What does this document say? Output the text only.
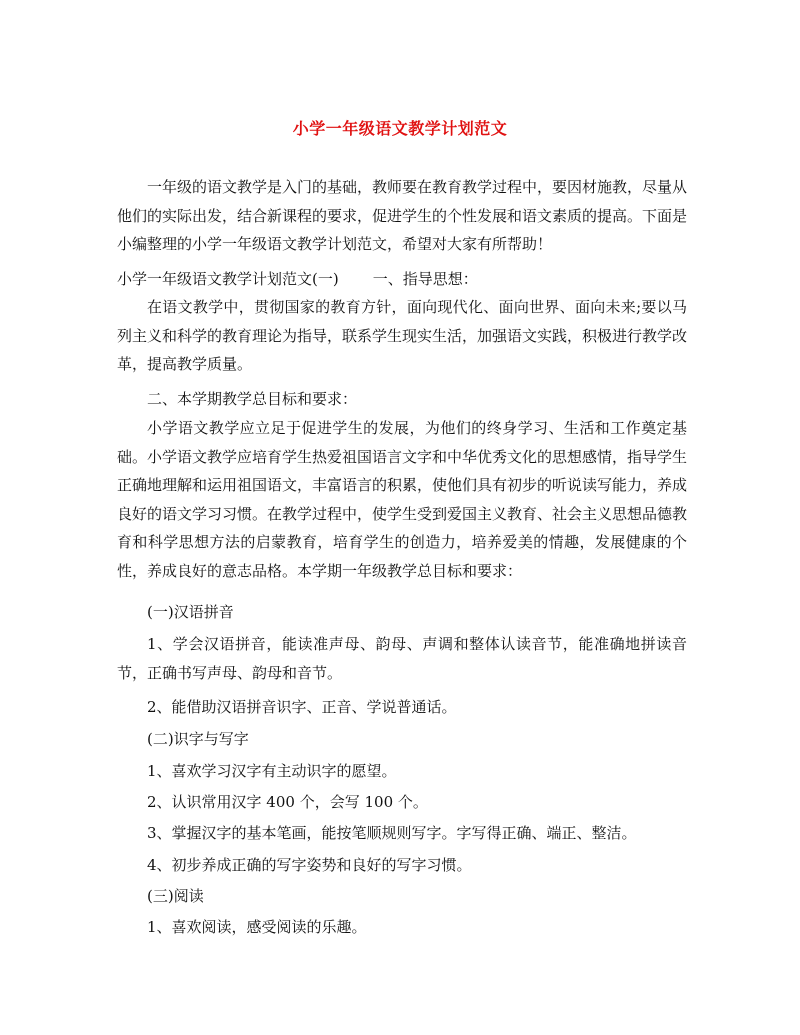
小学一年级语文教学计划范文
一年级的语文教学是入门的基础，教师要在教育教学过程中，要因材施教，尽量从他们的实际出发，结合新课程的要求，促进学生的个性发展和语文素质的提高。下面是小编整理的小学一年级语文教学计划范文，希望对大家有所帮助！
小学一年级语文教学计划范文(一) 一、指导思想：
在语文教学中，贯彻国家的教育方针，面向现代化、面向世界、面向未来;要以马列主义和科学的教育理论为指导，联系学生现实生活，加强语文实践，积极进行教学改革，提高教学质量。
二、本学期教学总目标和要求：
小学语文教学应立足于促进学生的发展，为他们的终身学习、生活和工作奠定基础。小学语文教学应培育学生热爱祖国语言文字和中华优秀文化的思想感情，指导学生正确地理解和运用祖国语文，丰富语言的积累，使他们具有初步的听说读写能力，养成良好的语文学习习惯。在教学过程中，使学生受到爱国主义教育、社会主义思想品德教育和科学思想方法的启蒙教育，培育学生的创造力，培养爱美的情趣，发展健康的个性，养成良好的意志品格。本学期一年级教学总目标和要求：
(一)汉语拼音
1、学会汉语拼音，能读准声母、韵母、声调和整体认读音节，能准确地拼读音节，正确书写声母、韵母和音节。
2、能借助汉语拼音识字、正音、学说普通话。
(二)识字与写字
1、喜欢学习汉字有主动识字的愿望。
2、认识常用汉字 400 个，会写 100 个。
3、掌握汉字的基本笔画，能按笔顺规则写字。字写得正确、端正、整洁。
4、初步养成正确的写字姿势和良好的写字习惯。
(三)阅读
1、喜欢阅读，感受阅读的乐趣。
